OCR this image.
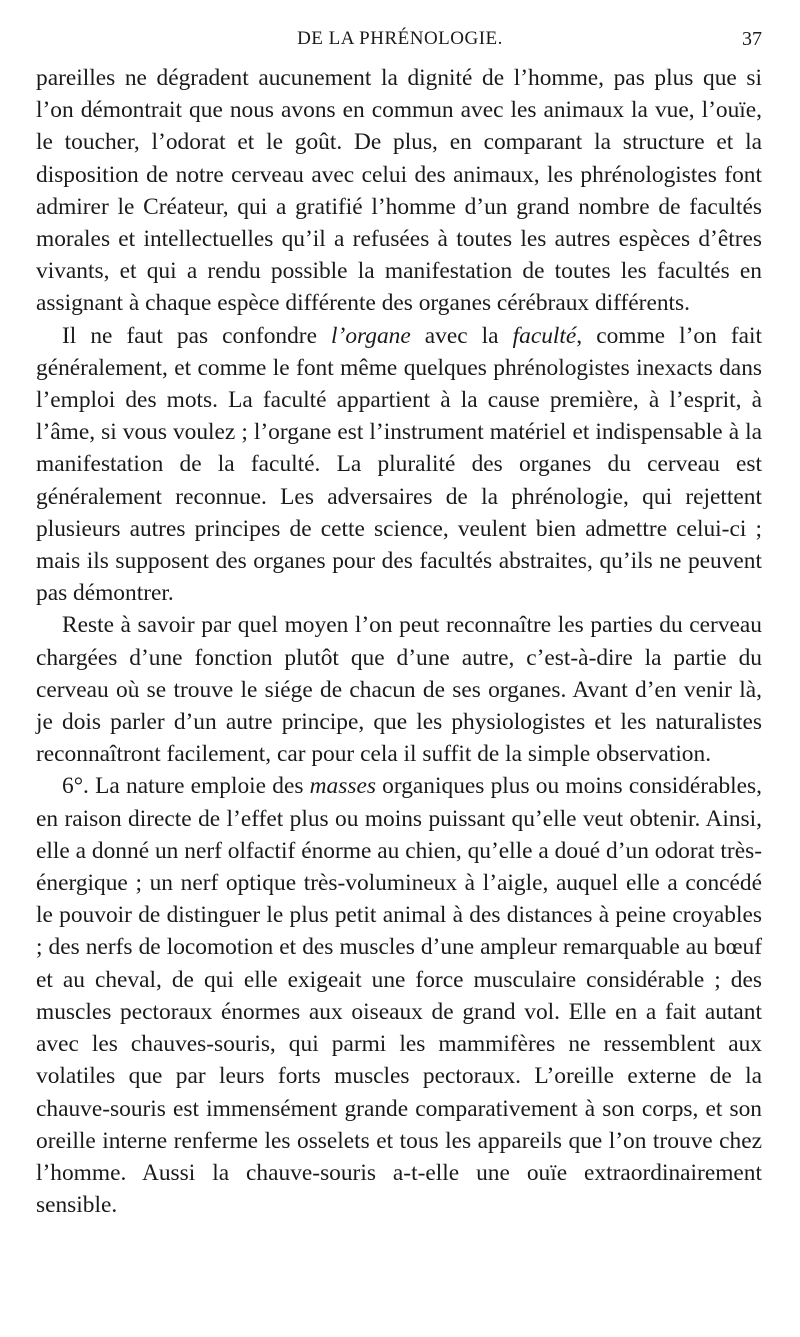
DE LA PHRÉNOLOGIE.	37

pareilles ne dégradent aucunement la dignité de l’homme, pas plus que si l’on démontrait que nous avons en commun avec les animaux la vue, l’ouïe, le toucher, l’odorat et le goût. De plus, en comparant la structure et la disposition de notre cerveau avec celui des animaux, les phrénologistes font admirer le Créateur, qui a gratifié l’homme d’un grand nombre de facultés morales et intellectuelles qu’il a refusées à toutes les autres espèces d’êtres vivants, et qui a rendu possible la manifestation de toutes les facultés en assignant à chaque espèce différente des organes cérébraux différents.

Il ne faut pas confondre l’organe avec la faculté, comme l’on fait généralement, et comme le font même quelques phrénologistes inexacts dans l’emploi des mots. La faculté appartient à la cause première, à l’esprit, à l’âme, si vous voulez ; l’organe est l’instrument matériel et indispensable à la manifestation de la faculté. La pluralité des organes du cerveau est généralement reconnue. Les adversaires de la phrénologie, qui rejettent plusieurs autres principes de cette science, veulent bien admettre celui-ci ; mais ils supposent des organes pour des facultés abstraites, qu’ils ne peuvent pas démontrer.

Reste à savoir par quel moyen l’on peut reconnaître les parties du cerveau chargées d’une fonction plutôt que d’une autre, c’est-à-dire la partie du cerveau où se trouve le siége de chacun de ses organes. Avant d’en venir là, je dois parler d’un autre principe, que les physiologistes et les naturalistes reconnaîtront facilement, car pour cela il suffit de la simple observation.

6°. La nature emploie des masses organiques plus ou moins considérables, en raison directe de l’effet plus ou moins puissant qu’elle veut obtenir. Ainsi, elle a donné un nerf olfactif énorme au chien, qu’elle a doué d’un odorat très-énergique ; un nerf optique très-volumineux à l’aigle, auquel elle a concédé le pouvoir de distinguer le plus petit animal à des distances à peine croyables ; des nerfs de locomotion et des muscles d’une ampleur remarquable au bœuf et au cheval, de qui elle exigeait une force musculaire considérable ; des muscles pectoraux énormes aux oiseaux de grand vol. Elle en a fait autant avec les chauves-souris, qui parmi les mammifères ne ressemblent aux volatiles que par leurs forts muscles pectoraux. L’oreille externe de la chauve-souris est immensément grande comparativement à son corps, et son oreille interne renferme les osselets et tous les appareils que l’on trouve chez l’homme. Aussi la chauve-souris a-t-elle une ouïe extraordinairement sensible.
